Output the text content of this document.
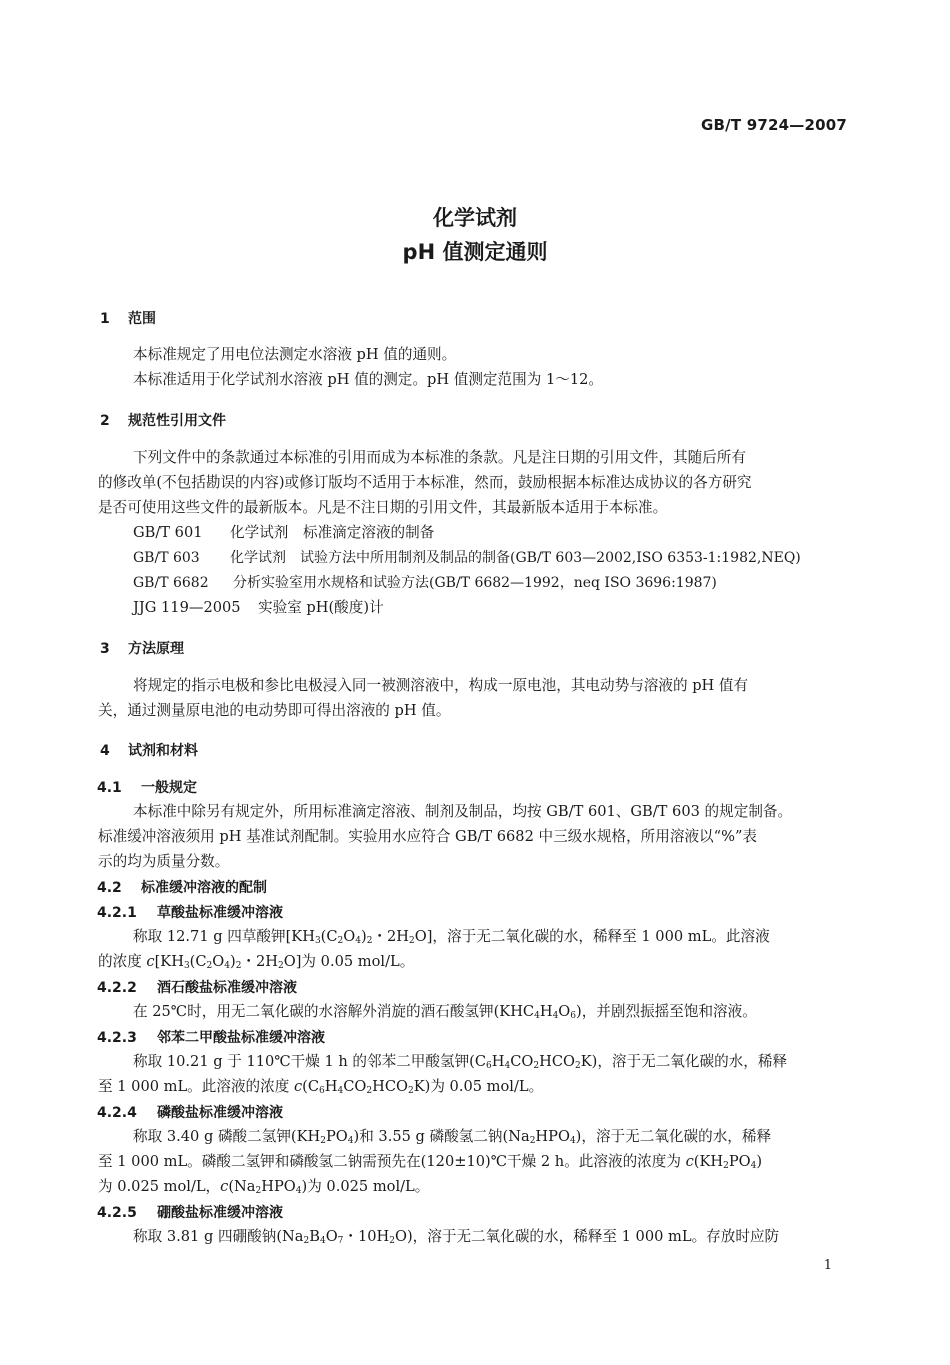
GB/T 9724—2007
化学试剂
pH 值测定通则
1 范围
本标准规定了用电位法测定水溶液 pH 值的通则。
本标准适用于化学试剂水溶液 pH 值的测定。pH 值测定范围为 1～12。
2 规范性引用文件
下列文件中的条款通过本标准的引用而成为本标准的条款。凡是注日期的引用文件，其随后所有
的修改单(不包括勘误的内容)或修订版均不适用于本标准，然而，鼓励根据本标准达成协议的各方研究
是否可使用这些文件的最新版本。凡是不注日期的引用文件，其最新版本适用于本标准。
GB/T 601 化学试剂　标准滴定溶液的制备
GB/T 603 化学试剂　试验方法中所用制剂及制品的制备(GB/T 603—2002,ISO 6353-1:1982,NEQ)
GB/T 6682 分析实验室用水规格和试验方法(GB/T 6682—1992，neq ISO 3696:1987)
JJG 119—2005 实验室 pH(酸度)计
3 方法原理
将规定的指示电极和参比电极浸入同一被测溶液中，构成一原电池，其电动势与溶液的 pH 值有
关，通过测量原电池的电动势即可得出溶液的 pH 值。
4 试剂和材料
4.1 一般规定
本标准中除另有规定外，所用标准滴定溶液、制剂及制品，均按 GB/T 601、GB/T 603 的规定制备。
标准缓冲溶液须用 pH 基准试剂配制。实验用水应符合 GB/T 6682 中三级水规格，所用溶液以“%”表
示的均为质量分数。
4.2 标准缓冲溶液的配制
4.2.1 草酸盐标准缓冲溶液
称取 12.71 g 四草酸钾[$KH_3(C_2O_4)_2$・$2H_2O$]，溶于无二氧化碳的水，稀释至 1 000 mL。此溶液
的浓度 $c[KH_3(C_2O_4)_2$・$2H_2O$]为 0.05 mol/L。
4.2.2 酒石酸盐标准缓冲溶液
在 25℃时，用无二氧化碳的水溶解外消旋的酒石酸氢钾$(KHC_4H_4O_6)$，并剧烈振摇至饱和溶液。
4.2.3 邻苯二甲酸盐标准缓冲溶液
称取 10.21 g 于 110℃干燥 1 h 的邻苯二甲酸氢钾$(C_6H_4CO_2HCO_2K)$，溶于无二氧化碳的水，稀释
至 1 000 mL。此溶液的浓度 $c(C_6H_4CO_2HCO_2K)$为 0.05 mol/L。
4.2.4 磷酸盐标准缓冲溶液
称取 3.40 g 磷酸二氢钾$(KH_2PO_4)$和 3.55 g 磷酸氢二钠$(Na_2HPO_4)$，溶于无二氧化碳的水，稀释
至 1 000 mL。磷酸二氢钾和磷酸氢二钠需预先在(120±10)℃干燥 2 h。此溶液的浓度为 $c(KH_2PO_4)$
为 0.025 mol/L，$c(Na_2HPO_4)$为 0.025 mol/L。
4.2.5 硼酸盐标准缓冲溶液
称取 3.81 g 四硼酸钠($Na_2B_4O_7$・$10H_2O$)，溶于无二氧化碳的水，稀释至 1 000 mL。存放时应防
1
